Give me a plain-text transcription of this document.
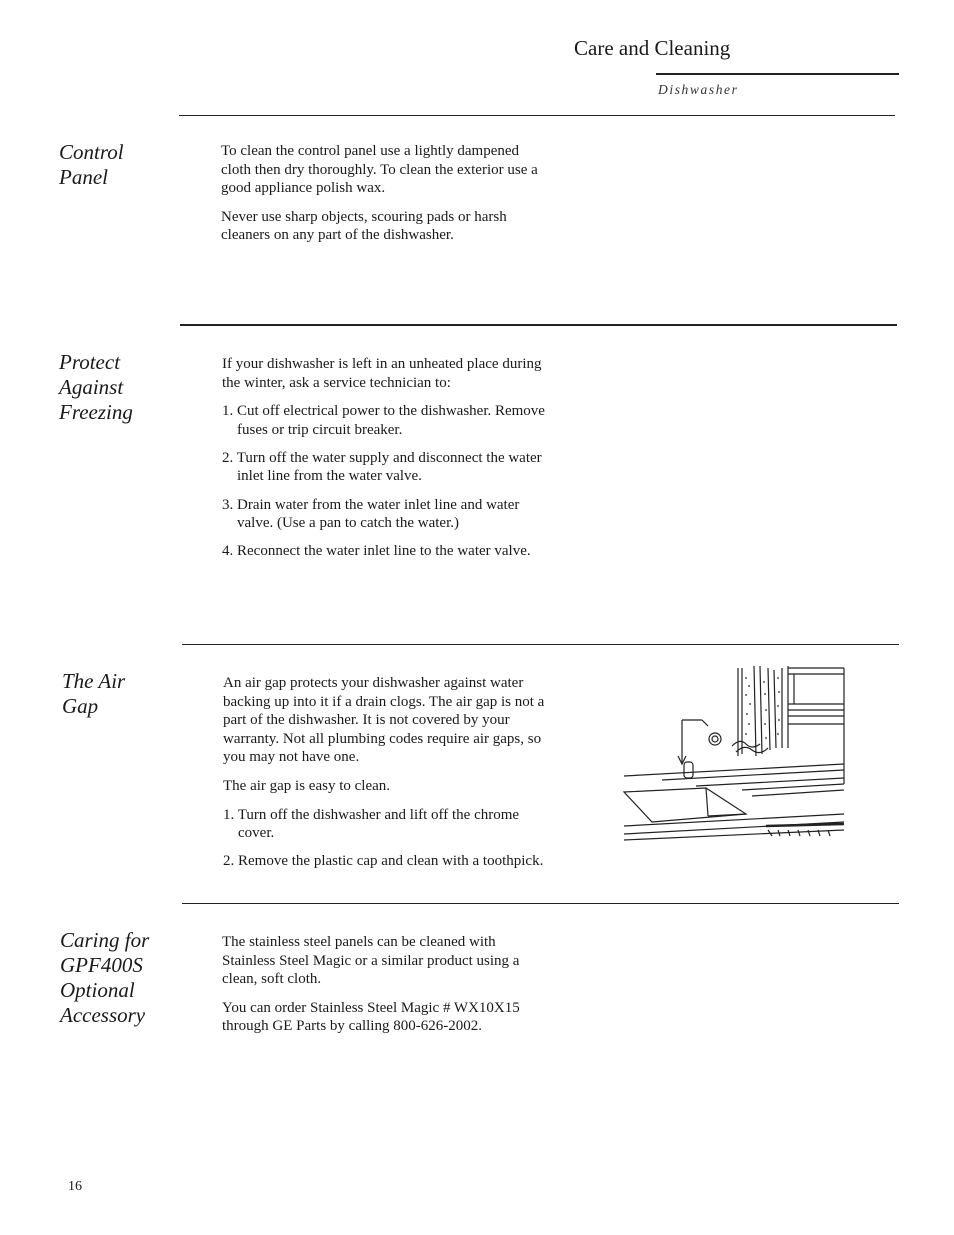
Care and Cleaning
Dishwasher
Control
Panel

To clean the control panel use a lightly dampened cloth then dry thoroughly. To clean the exterior use a good appliance polish wax.

Never use sharp objects, scouring pads or harsh cleaners on any part of the dishwasher.

Protect
Against
Freezing

If your dishwasher is left in an unheated place during the winter, ask a service technician to:

1. Cut off electrical power to the dishwasher. Remove fuses or trip circuit breaker.
2. Turn off the water supply and disconnect the water inlet line from the water valve.
3. Drain water from the water inlet line and water valve. (Use a pan to catch the water.)
4. Reconnect the water inlet line to the water valve.
The Air
Gap

An air gap protects your dishwasher against water backing up into it if a drain clogs. The air gap is not a part of the dishwasher. It is not covered by your warranty. Not all plumbing codes require air gaps, so you may not have one.

The air gap is easy to clean.

1. Turn off the dishwasher and lift off the chrome cover.
2. Remove the plastic cap and clean with a toothpick.
Caring for
GPF400S
Optional
Accessory

The stainless steel panels can be cleaned with Stainless Steel Magic or a similar product using a clean, soft cloth.

You can order Stainless Steel Magic # WX10X15 through GE Parts by calling 800-626-2002.

16
